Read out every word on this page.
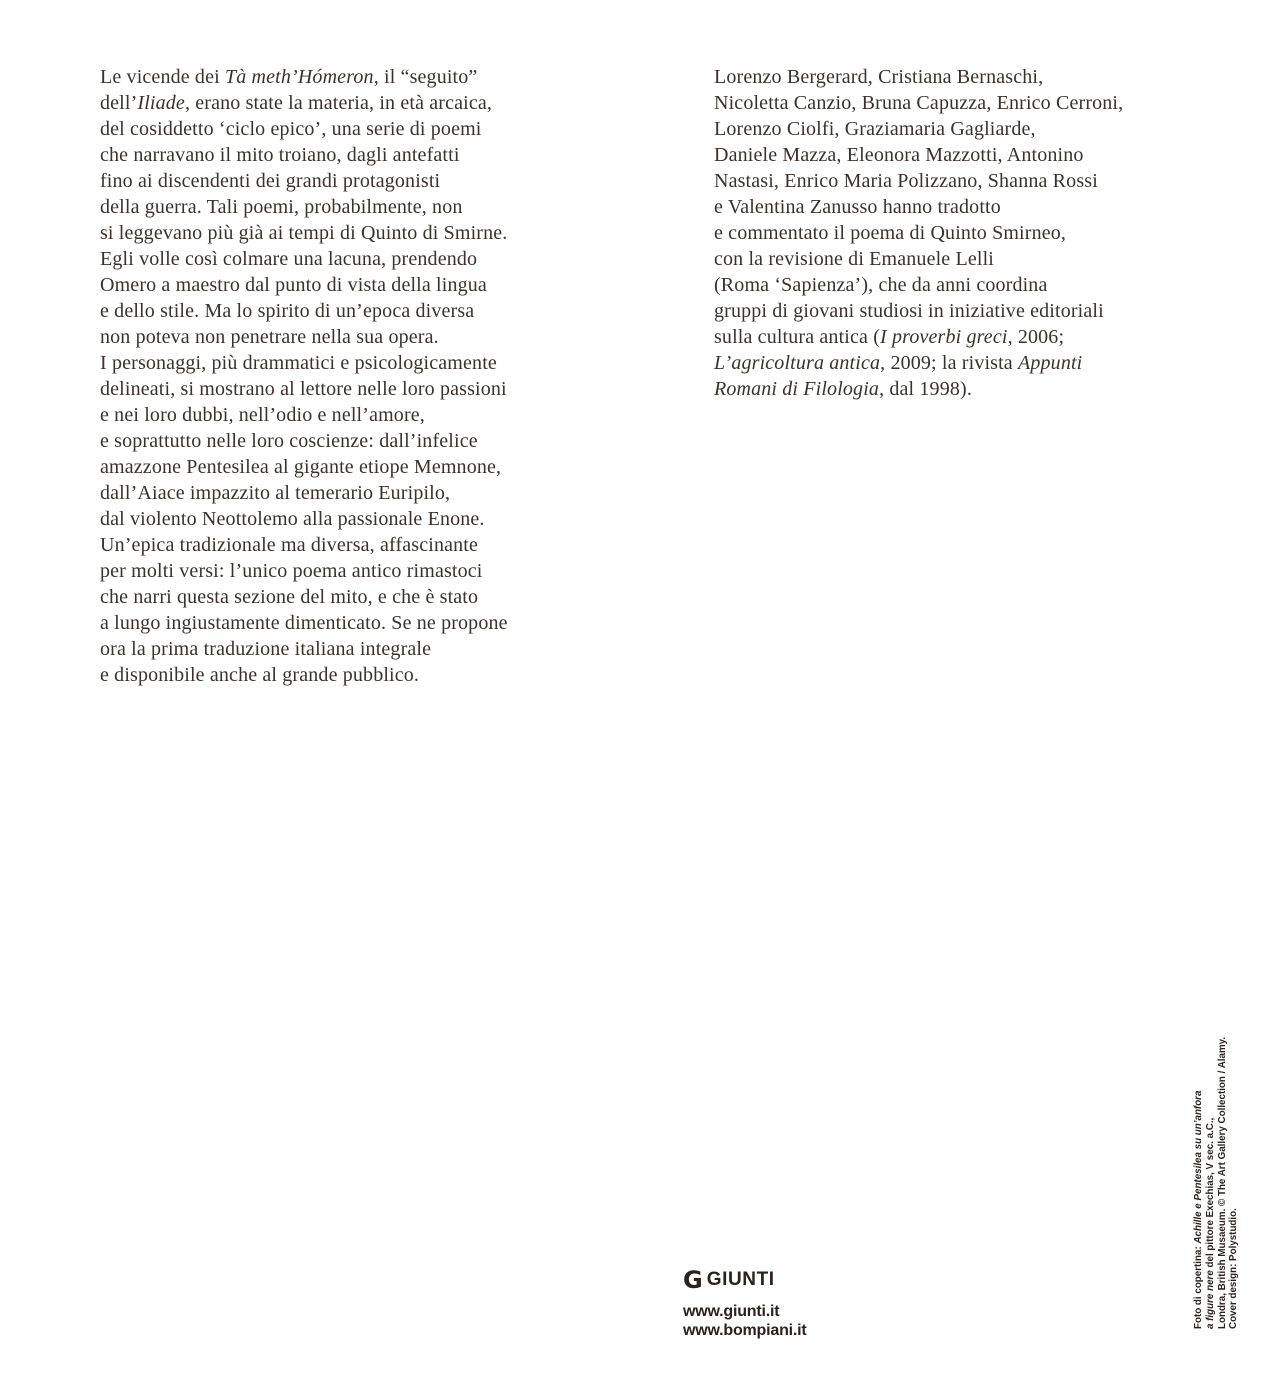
Le vicende dei Tà meth’Hómeron, il “seguito”
dell’Iliade, erano state la materia, in età arcaica,
del cosiddetto ‘ciclo epico’, una serie di poemi
che narravano il mito troiano, dagli antefatti
fino ai discendenti dei grandi protagonisti
della guerra. Tali poemi, probabilmente, non
si leggevano più già ai tempi di Quinto di Smirne.
Egli volle così colmare una lacuna, prendendo
Omero a maestro dal punto di vista della lingua
e dello stile. Ma lo spirito di un’epoca diversa
non poteva non penetrare nella sua opera.
I personaggi, più drammatici e psicologicamente
delineati, si mostrano al lettore nelle loro passioni
e nei loro dubbi, nell’odio e nell’amore,
e soprattutto nelle loro coscienze: dall’infelice
amazzone Pentesilea al gigante etiope Memnone,
dall’Aiace impazzito al temerario Euripilo,
dal violento Neottolemo alla passionale Enone.
Un’epica tradizionale ma diversa, affascinante
per molti versi: l’unico poema antico rimastoci
che narri questa sezione del mito, e che è stato
a lungo ingiustamente dimenticato. Se ne propone
ora la prima traduzione italiana integrale
e disponibile anche al grande pubblico.
Lorenzo Bergerard, Cristiana Bernaschi,
Nicoletta Canzio, Bruna Capuzza, Enrico Cerroni,
Lorenzo Ciolfi, Graziamaria Gagliarde,
Daniele Mazza, Eleonora Mazzotti, Antonino
Nastasi, Enrico Maria Polizzano, Shanna Rossi
e Valentina Zanusso hanno tradotto
e commentato il poema di Quinto Smirneo,
con la revisione di Emanuele Lelli
(Roma ‘Sapienza’), che da anni coordina
gruppi di giovani studiosi in iniziative editoriali
sulla cultura antica (I proverbi greci, 2006;
L’agricoltura antica, 2009; la rivista Appunti
Romani di Filologia, dal 1998).
Foto di copertina: Achille e Pentesilea su un’anfora
a figure nere del pittore Exechias, V sec. a.C., Londra, British Musaeum. © The Art Gallery Collection / Alamy. Cover design: Polystudio.
G GIUNTI
www.giunti.it
www.bompiani.it
